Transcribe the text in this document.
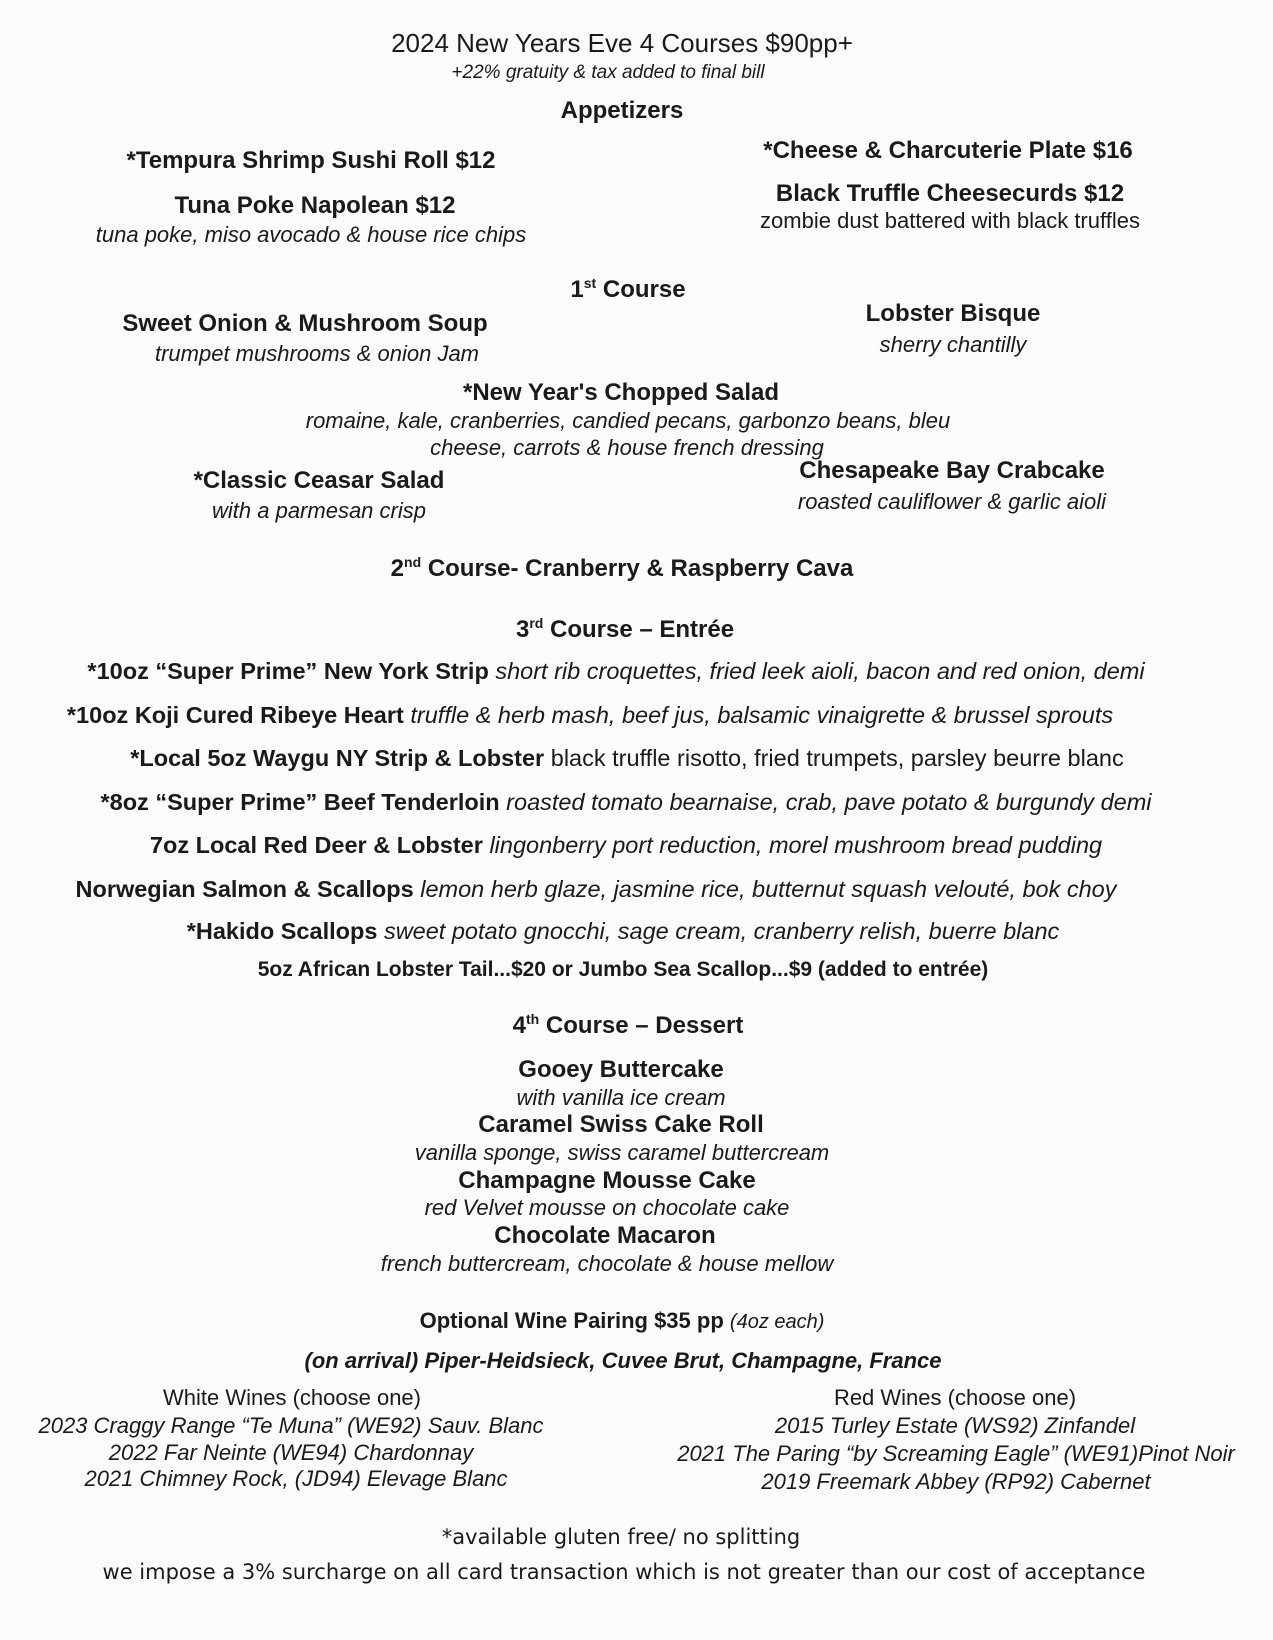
2024 New Years Eve 4 Courses $90pp+
+22% gratuity & tax added to final bill
Appetizers
*Tempura Shrimp Sushi Roll $12	*Cheese & Charcuterie Plate $16
Tuna Poke Napolean $12
tuna poke, miso avocado & house rice chips
Black Truffle Cheesecurds $12
zombie dust battered with black truffles
1st Course
Sweet Onion & Mushroom Soup
trumpet mushrooms & onion Jam
Lobster Bisque
sherry chantilly
*New Year's Chopped Salad
romaine, kale, cranberries, candied pecans, garbonzo beans, bleu
cheese, carrots & house french dressing
*Classic Ceasar Salad
with a parmesan crisp
Chesapeake Bay Crabcake
roasted cauliflower & garlic aioli
2nd Course- Cranberry & Raspberry Cava
3rd Course – Entrée
*10oz “Super Prime” New York Strip short rib croquettes, fried leek aioli, bacon and red onion, demi
*10oz Koji Cured Ribeye Heart truffle & herb mash, beef jus, balsamic vinaigrette & brussel sprouts
*Local 5oz Waygu NY Strip & Lobster black truffle risotto, fried trumpets, parsley beurre blanc
*8oz “Super Prime” Beef Tenderloin roasted tomato bearnaise, crab, pave potato & burgundy demi
7oz Local Red Deer & Lobster lingonberry port reduction, morel mushroom bread pudding
Norwegian Salmon & Scallops lemon herb glaze, jasmine rice, butternut squash velouté, bok choy
*Hakido Scallops sweet potato gnocchi, sage cream, cranberry relish, buerre blanc
5oz African Lobster Tail...$20 or Jumbo Sea Scallop...$9 (added to entrée)
4th Course – Dessert
Gooey Buttercake
with vanilla ice cream
Caramel Swiss Cake Roll
vanilla sponge, swiss caramel buttercream
Champagne Mousse Cake
red Velvet mousse on chocolate cake
Chocolate Macaron
french buttercream, chocolate & house mellow
Optional Wine Pairing $35 pp (4oz each)
(on arrival) Piper-Heidsieck, Cuvee Brut, Champagne, France
White Wines (choose one)
2023 Craggy Range “Te Muna” (WE92) Sauv. Blanc
2022 Far Neinte (WE94) Chardonnay
2021 Chimney Rock, (JD94) Elevage Blanc
Red Wines (choose one)
2015 Turley Estate (WS92) Zinfandel
2021 The Paring “by Screaming Eagle” (WE91)Pinot Noir
2019 Freemark Abbey (RP92) Cabernet
*available gluten free/ no splitting
we impose a 3% surcharge on all card transaction which is not greater than our cost of acceptance
